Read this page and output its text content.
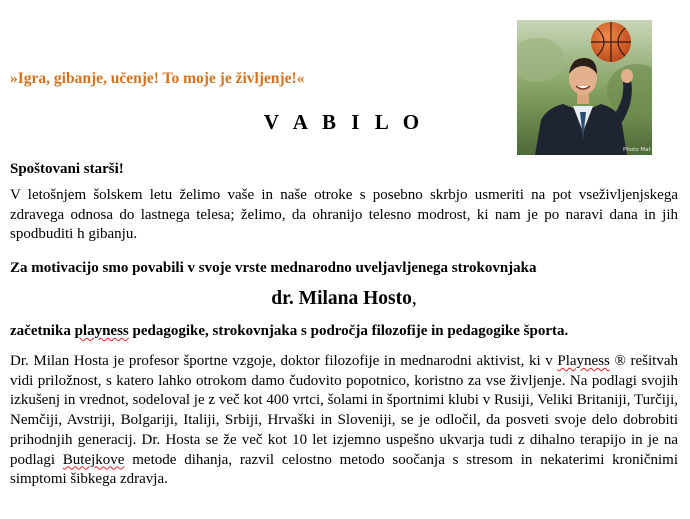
»Igra, gibanje, učenje! To moje je življenje!«
Photo Mat
V A B I L O
Spoštovani starši!

V letošnjem šolskem letu želimo vaše in naše otroke s posebno skrbjo usmeriti na pot vseživljenjskega zdravega odnosa do lastnega telesa; želimo, da ohranijo telesno modrost, ki nam je po naravi dana in jih spodbuditi h gibanju.

Za motivacijo smo povabili v svoje vrste mednarodno uveljavljenega strokovnjaka
dr. Milana Hosto,
začetnika playness pedagogike, strokovnjaka s področja filozofije in pedagogike športa.

Dr. Milan Hosta je profesor športne vzgoje, doktor filozofije in mednarodni aktivist, ki v Playness ® rešitvah vidi priložnost, s katero lahko otrokom damo čudovito popotnico, koristno za vse življenje. Na podlagi svojih izkušenj in vrednot, sodeloval je z več kot 400 vrtci, šolami in športnimi klubi v Rusiji, Veliki Britaniji, Turčiji, Nemčiji, Avstriji, Bolgariji, Italiji, Srbiji, Hrvaški in Sloveniji, se je odločil, da posveti svoje delo dobrobiti prihodnjih generacij. Dr. Hosta se že več kot 10 let izjemno uspešno ukvarja tudi z dihalno terapijo in je na podlagi Butejkove metode dihanja, razvil celostno metodo soočanja s stresom in nekaterimi kroničnimi simptomi šibkega zdravja.
